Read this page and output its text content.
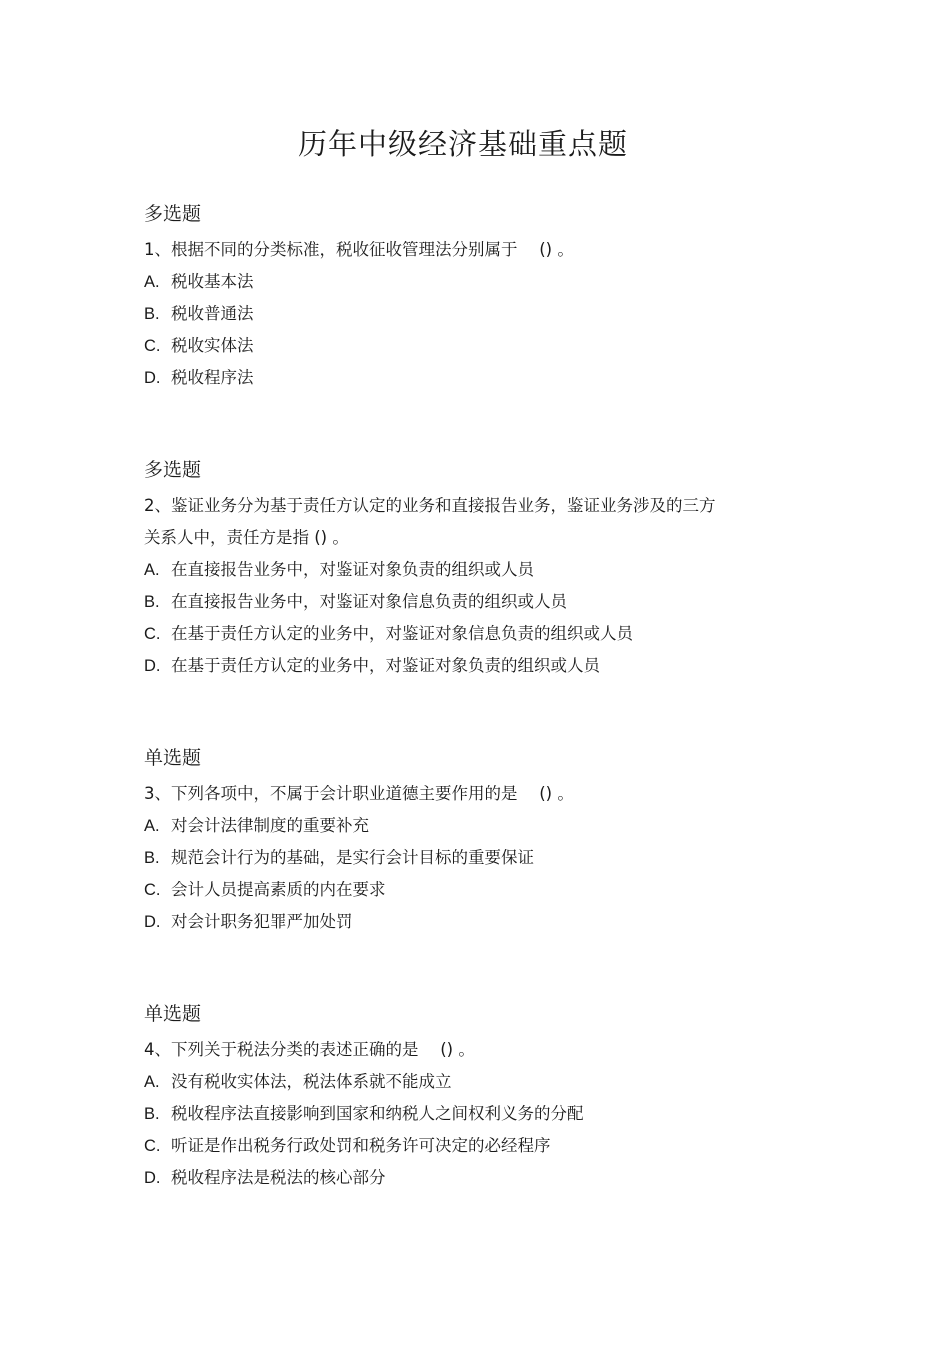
历年中级经济基础重点题
多选题
1、根据不同的分类标准，税收征收管理法分别属于　 () 。
A. 税收基本法
B. 税收普通法
C. 税收实体法
D. 税收程序法
多选题
2、鉴证业务分为基于责任方认定的业务和直接报告业务，鉴证业务涉及的三方
关系人中，责任方是指 () 。
A. 在直接报告业务中，对鉴证对象负责的组织或人员
B. 在直接报告业务中，对鉴证对象信息负责的组织或人员
C. 在基于责任方认定的业务中，对鉴证对象信息负责的组织或人员
D. 在基于责任方认定的业务中，对鉴证对象负责的组织或人员
单选题
3、下列各项中，不属于会计职业道德主要作用的是　 () 。
A. 对会计法律制度的重要补充
B. 规范会计行为的基础，是实行会计目标的重要保证
C. 会计人员提高素质的内在要求
D. 对会计职务犯罪严加处罚
单选题
4、下列关于税法分类的表述正确的是　 () 。
A. 没有税收实体法，税法体系就不能成立
B. 税收程序法直接影响到国家和纳税人之间权利义务的分配
C. 听证是作出税务行政处罚和税务许可决定的必经程序
D. 税收程序法是税法的核心部分
